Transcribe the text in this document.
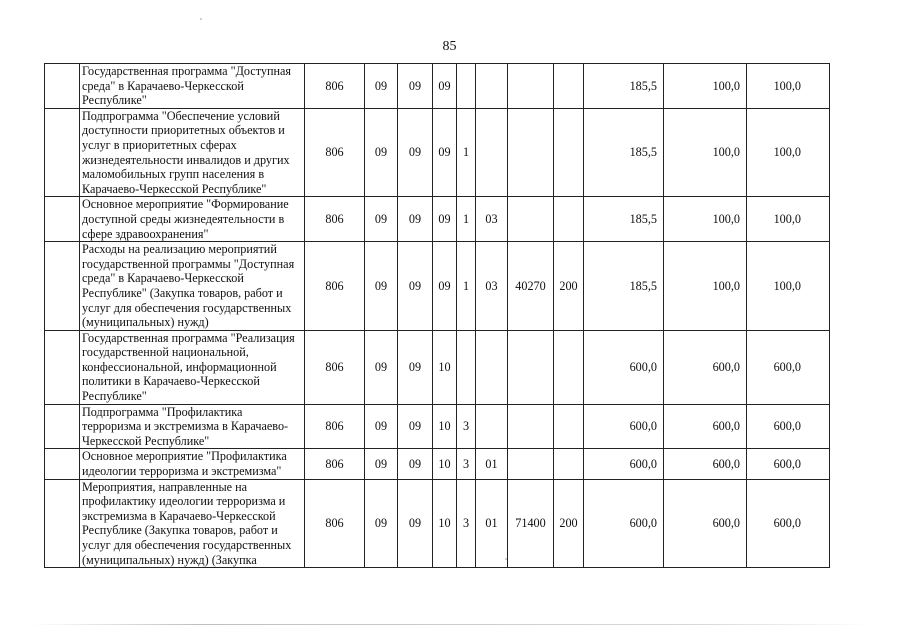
85
	Государственная программа "Доступная среда" в Карачаево-Черкесской Республике"	806	09	09	09					185,5	100,0	100,0
	Подпрограмма "Обеспечение условий доступности приоритетных объектов и услуг в приоритетных сферах жизнедеятельности инвалидов и других маломобильных групп населения в Карачаево-Черкесской Республике"	806	09	09	09	1				185,5	100,0	100,0
	Основное мероприятие "Формирование доступной среды жизнедеятельности в сфере здравоохранения"	806	09	09	09	1	03			185,5	100,0	100,0
	Расходы на реализацию мероприятий государственной программы "Доступная среда" в Карачаево-Черкесской Республике" (Закупка товаров, работ и услуг для обеспечения государственных (муниципальных) нужд)	806	09	09	09	1	03	40270	200	185,5	100,0	100,0
	Государственная программа "Реализация государственной национальной, конфессиональной, информационной политики в Карачаево-Черкесской Республике"	806	09	09	10					600,0	600,0	600,0
	Подпрограмма "Профилактика терроризма и экстремизма в Карачаево-Черкесской Республике"	806	09	09	10	3				600,0	600,0	600,0
	Основное мероприятие "Профилактика идеологии терроризма и экстремизма"	806	09	09	10	3	01			600,0	600,0	600,0
	Мероприятия, направленные на профилактику идеологии терроризма и экстремизма в Карачаево-Черкесской Республике (Закупка товаров, работ и услуг для обеспечения государственных (муниципальных) нужд) (Закупка	806	09	09	10	3	01	71400	200	600,0	600,0	600,0
